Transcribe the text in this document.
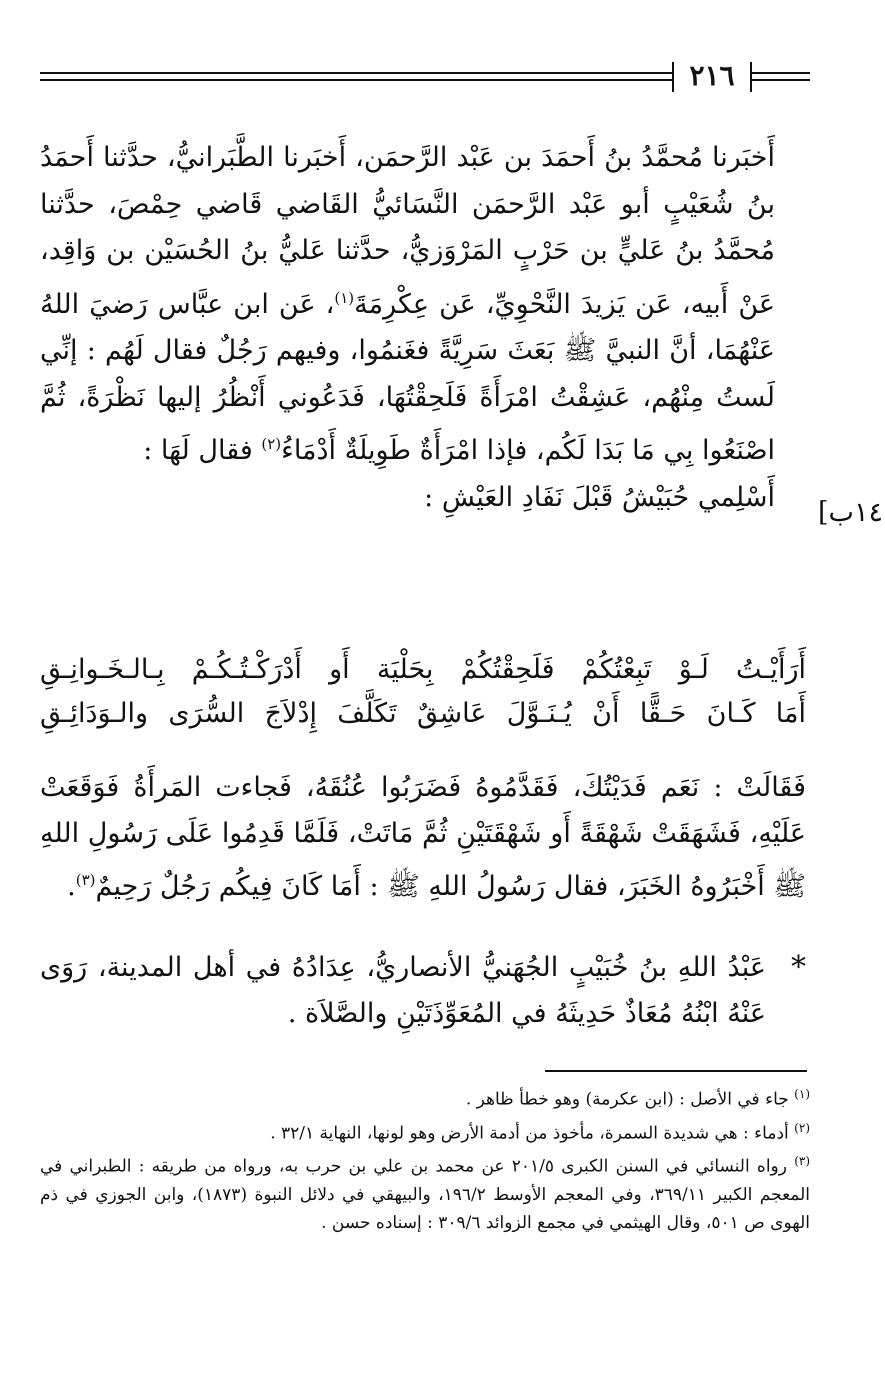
٢١٦
١٤ب]

أَخبَرنا مُحمَّدُ بنُ أَحمَدَ بن عَبْد الرَّحمَن، أَخبَرنا الطَّبَرانيُّ، حدَّثنا أَحمَدُ بنُ شُعَيْبٍ أبو عَبْد الرَّحمَن النَّسَائيُّ القَاضي قَاضي حِمْصَ، حدَّثنا مُحمَّدُ بنُ عَليٍّ بن حَرْبٍ المَرْوَزيُّ، حدَّثنا عَليُّ بنُ الحُسَيْن بن وَاقِد، عَنْ أَبيه، عَن يَزيدَ النَّحْوِيِّ، عَن عِكْرِمَةَ$^{(١)}$، عَن ابن عبَّاس رَضيَ اللهُ عَنْهُمَا، أنَّ النبيَّ ﷺ بَعَثَ سَرِيَّةً فغَنمُوا، وفيهم رَجُلٌ فقال لَهُم : إنِّي لَستُ مِنْهُم، عَشِقْتُ امْرَأَةً فَلَحِقْتُهَا، فَدَعُوني أَنْظُرُ إليها نَظْرَةً، ثُمَّ اصْنَعُوا بِي مَا بَدَا لَكُم، فإذا امْرَأَةٌ طَوِيلَةٌ أَدْمَاءُ$^{(٢)}$ فقال لَهَا :

أَسْلِمي حُبَيْشُ قَبْلَ نَفَادِ العَيْشِ :

أَرَأَيْـتُ لَـوْ تَبِعْتُكُمْ فَلَحِقْتُكُمْ بِحَلْيَة أَو أَدْرَكْـتُـكُـمْ بِـالـخَـوانِـقِ
أَمَا كَـانَ حَـقًّا أَنْ يُـنَـوَّلَ عَاشِقٌ تَكَلَّفَ إِدْلاَجَ السُّرَى والـوَدَائِـقِ

فَقَالَتْ : نَعَم فَدَيْتُكَ، فَقَدَّمُوهُ فَضَرَبُوا عُنُقَهُ، فَجاءت المَرأَةُ فَوَقَعَتْ عَلَيْهِ، فَشَهَقَتْ شَهْقَةً أَو شَهْقَتَيْنِ ثُمَّ مَاتَتْ، فَلَمَّا قَدِمُوا عَلَى رَسُولِ اللهِ ﷺ أَخْبَرُوهُ الخَبَرَ، فقال رَسُولُ اللهِ ﷺ : أَمَا كَانَ فِيكُم رَجُلٌ رَحِيمٌ$^{(٣)}$.

*
عَبْدُ اللهِ بنُ خُبَيْبٍ الجُهَنيُّ الأنصاريُّ، عِدَادُهُ في أهل المدينة، رَوَى عَنْهُ ابْنُهُ مُعَاذٌ حَدِيثَهُ في المُعَوِّذَتَيْنِ والصَّلاَة .

$^{(١)}$ جاء في الأصل : (ابن عكرمة) وهو خطأ ظاهر .

$^{(٢)}$ أدماء : هي شديدة السمرة، مأخوذ من أدمة الأرض وهو لونها، النهاية ٣٢/١ .

$^{(٣)}$ رواه النسائي في السنن الكبرى ٢٠١/٥ عن محمد بن علي بن حرب به، ورواه من طريقه : الطبراني في المعجم الكبير ٣٦٩/١١، وفي المعجم الأوسط ١٩٦/٢، والبيهقي في دلائل النبوة (١٨٧٣)، وابن الجوزي في ذم الهوى ص ٥٠١، وقال الهيثمي في مجمع الزوائد ٣٠٩/٦ : إسناده حسن .
